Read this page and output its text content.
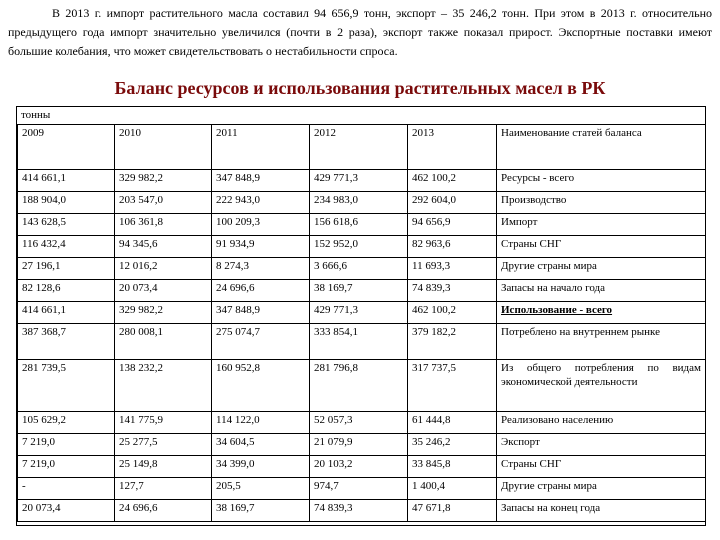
В 2013 г. импорт растительного масла составил 94 656,9 тонн, экспорт – 35 246,2 тонн. При этом в 2013 г. относительно предыдущего года импорт значительно увеличился (почти в 2 раза), экспорт также показал прирост. Экспортные поставки имеют большие колебания, что может свидетельствовать о нестабильности спроса.

Баланс ресурсов и использования растительных масел в РК
тонны
2009	2010	2011	2012	2013	Наименование статей баланса
414 661,1	329 982,2	347 848,9	429 771,3	462 100,2	Ресурсы - всего
188 904,0	203 547,0	222 943,0	234 983,0	292 604,0	Производство
143 628,5	106 361,8	100 209,3	156 618,6	94 656,9	Импорт
116 432,4	94 345,6	91 934,9	152 952,0	82 963,6	Страны СНГ
27 196,1	12 016,2	8 274,3	3 666,6	11 693,3	Другие страны мира
82 128,6	20 073,4	24 696,6	38 169,7	74 839,3	Запасы на начало года
414 661,1	329 982,2	347 848,9	429 771,3	462 100,2	Использование - всего
387 368,7	280 008,1	275 074,7	333 854,1	379 182,2	Потреблено на внутреннем рынке
281 739,5	138 232,2	160 952,8	281 796,8	317 737,5	Из общего потребления по видам экономической деятельности
105 629,2	141 775,9	114 122,0	52 057,3	61 444,8	Реализовано населению
7 219,0	25 277,5	34 604,5	21 079,9	35 246,2	Экспорт
7 219,0	25 149,8	34 399,0	20 103,2	33 845,8	Страны СНГ
-	127,7	205,5	974,7	1 400,4	Другие страны мира
20 073,4	24 696,6	38 169,7	74 839,3	47 671,8	Запасы на конец года
